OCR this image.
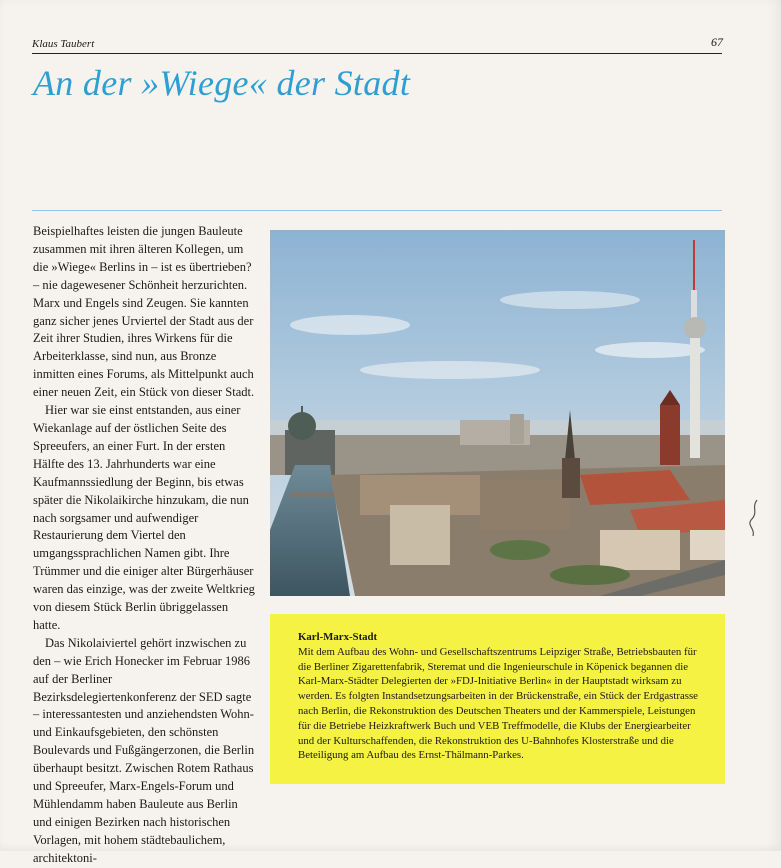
Klaus Taubert	67
An der »Wiege« der Stadt

Beispielhaftes leisten die jungen Bauleute zusammen mit ihren älteren Kollegen, um die »Wiege« Berlins in – ist es übertrieben? – nie dagewesener Schönheit herzurichten. Marx und Engels sind Zeugen. Sie kannten ganz sicher jenes Urviertel der Stadt aus der Zeit ihrer Studien, ihres Wirkens für die Arbeiterklasse, sind nun, aus Bronze inmitten eines Forums, als Mittelpunkt auch einer neuen Zeit, ein Stück von dieser Stadt.

Hier war sie einst entstanden, aus einer Wiekanlage auf der östlichen Seite des Spreeufers, an einer Furt. In der ersten Hälfte des 13. Jahrhunderts war eine Kaufmannssiedlung der Beginn, bis etwas später die Nikolaikirche hinzukam, die nun nach sorgsamer und aufwendiger Restaurierung dem Viertel den umgangssprachlichen Namen gibt. Ihre Trümmer und die einiger alter Bürgerhäuser waren das einzige, was der zweite Weltkrieg von diesem Stück Berlin übriggelassen hatte.

Das Nikolaiviertel gehört inzwischen zu den – wie Erich Honecker im Februar 1986 auf der Berliner Bezirksdelegiertenkonferenz der SED sagte – interessantesten und anziehendsten Wohn- und Einkaufsgebieten, den schönsten Boulevards und Fußgängerzonen, die Berlin überhaupt besitzt. Zwischen Rotem Rathaus und Spreeufer, Marx-Engels-Forum und Mühlendamm haben Bauleute aus Berlin und einigen Bezirken nach historischen Vorlagen, mit hohem städtebaulichem, architektoni-

Karl-Marx-Stadt
Mit dem Aufbau des Wohn- und Gesellschaftszentrums Leipziger Straße, Betriebsbauten für die Berliner Zigarettenfabrik, Steremat und die Ingenieurschule in Köpenick begannen die Karl-Marx-Städter Delegierten der »FDJ-Initiative Berlin« in der Hauptstadt wirksam zu werden. Es folgten Instandsetzungsarbeiten in der Brückenstraße, ein Stück der Erdgastrasse nach Berlin, die Rekonstruktion des Deutschen Theaters und der Kammerspiele, Leistungen für die Betriebe Heizkraftwerk Buch und VEB Treffmodelle, die Klubs der Energiearbeiter und der Kulturschaffenden, die Rekonstruktion des U-Bahnhofes Klosterstraße und die Beteiligung am Aufbau des Ernst-Thälmann-Parkes.
